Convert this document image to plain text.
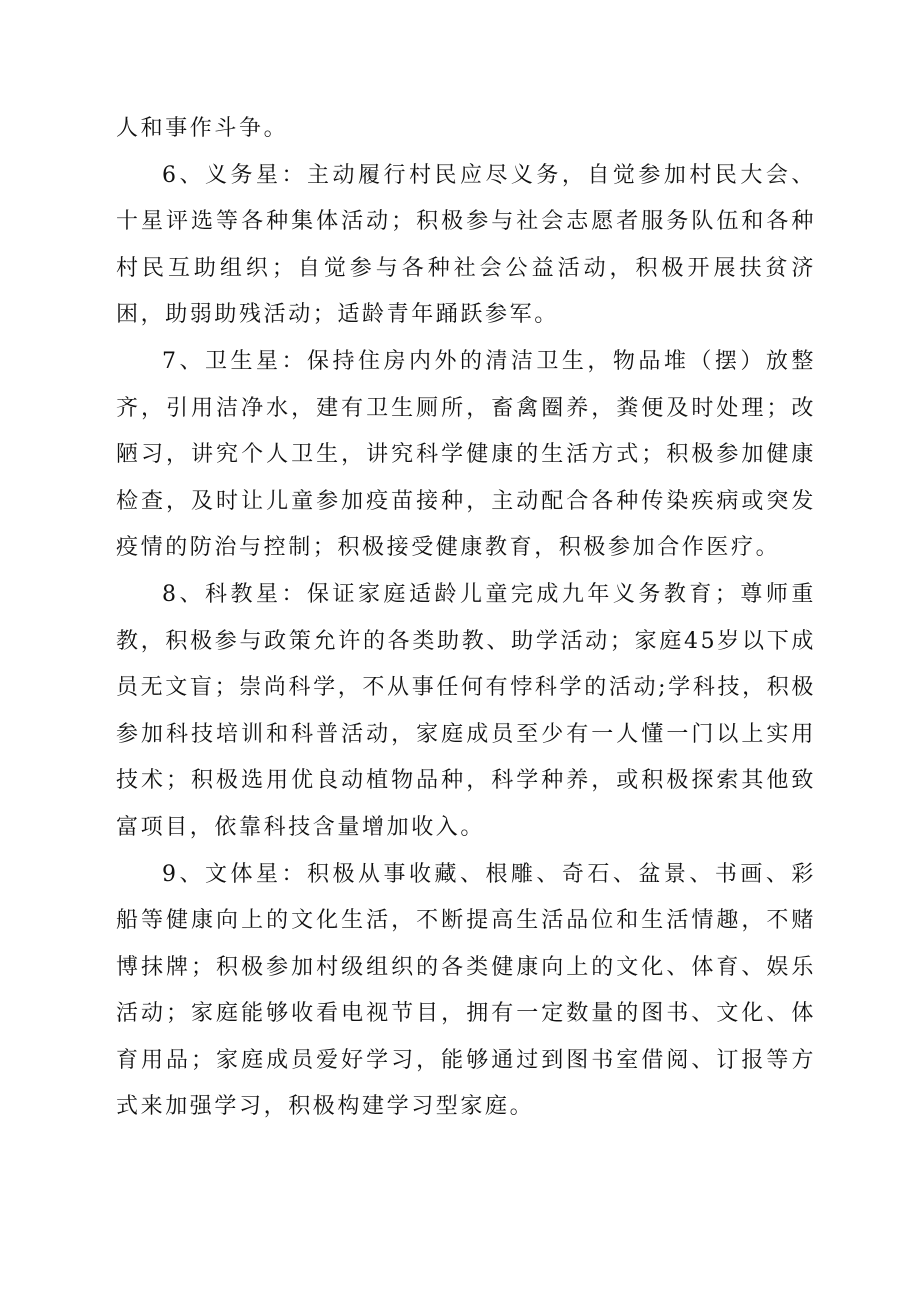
人和事作斗争。

6、义务星：主动履行村民应尽义务，自觉参加村民大会、十星评选等各种集体活动；积极参与社会志愿者服务队伍和各种村民互助组织；自觉参与各种社会公益活动，积极开展扶贫济困，助弱助残活动；适龄青年踊跃参军。

7、卫生星：保持住房内外的清洁卫生，物品堆（摆）放整齐，引用洁净水，建有卫生厕所，畜禽圈养，粪便及时处理；改陋习，讲究个人卫生，讲究科学健康的生活方式；积极参加健康检查，及时让儿童参加疫苗接种，主动配合各种传染疾病或突发疫情的防治与控制；积极接受健康教育，积极参加合作医疗。

8、科教星：保证家庭适龄儿童完成九年义务教育；尊师重教，积极参与政策允许的各类助教、助学活动；家庭45岁以下成员无文盲；崇尚科学，不从事任何有悖科学的活动;学科技，积极参加科技培训和科普活动，家庭成员至少有一人懂一门以上实用技术；积极选用优良动植物品种，科学种养，或积极探索其他致富项目，依靠科技含量增加收入。

9、文体星：积极从事收藏、根雕、奇石、盆景、书画、彩船等健康向上的文化生活，不断提高生活品位和生活情趣，不赌博抹牌；积极参加村级组织的各类健康向上的文化、体育、娱乐活动；家庭能够收看电视节目，拥有一定数量的图书、文化、体育用品；家庭成员爱好学习，能够通过到图书室借阅、订报等方式来加强学习，积极构建学习型家庭。
